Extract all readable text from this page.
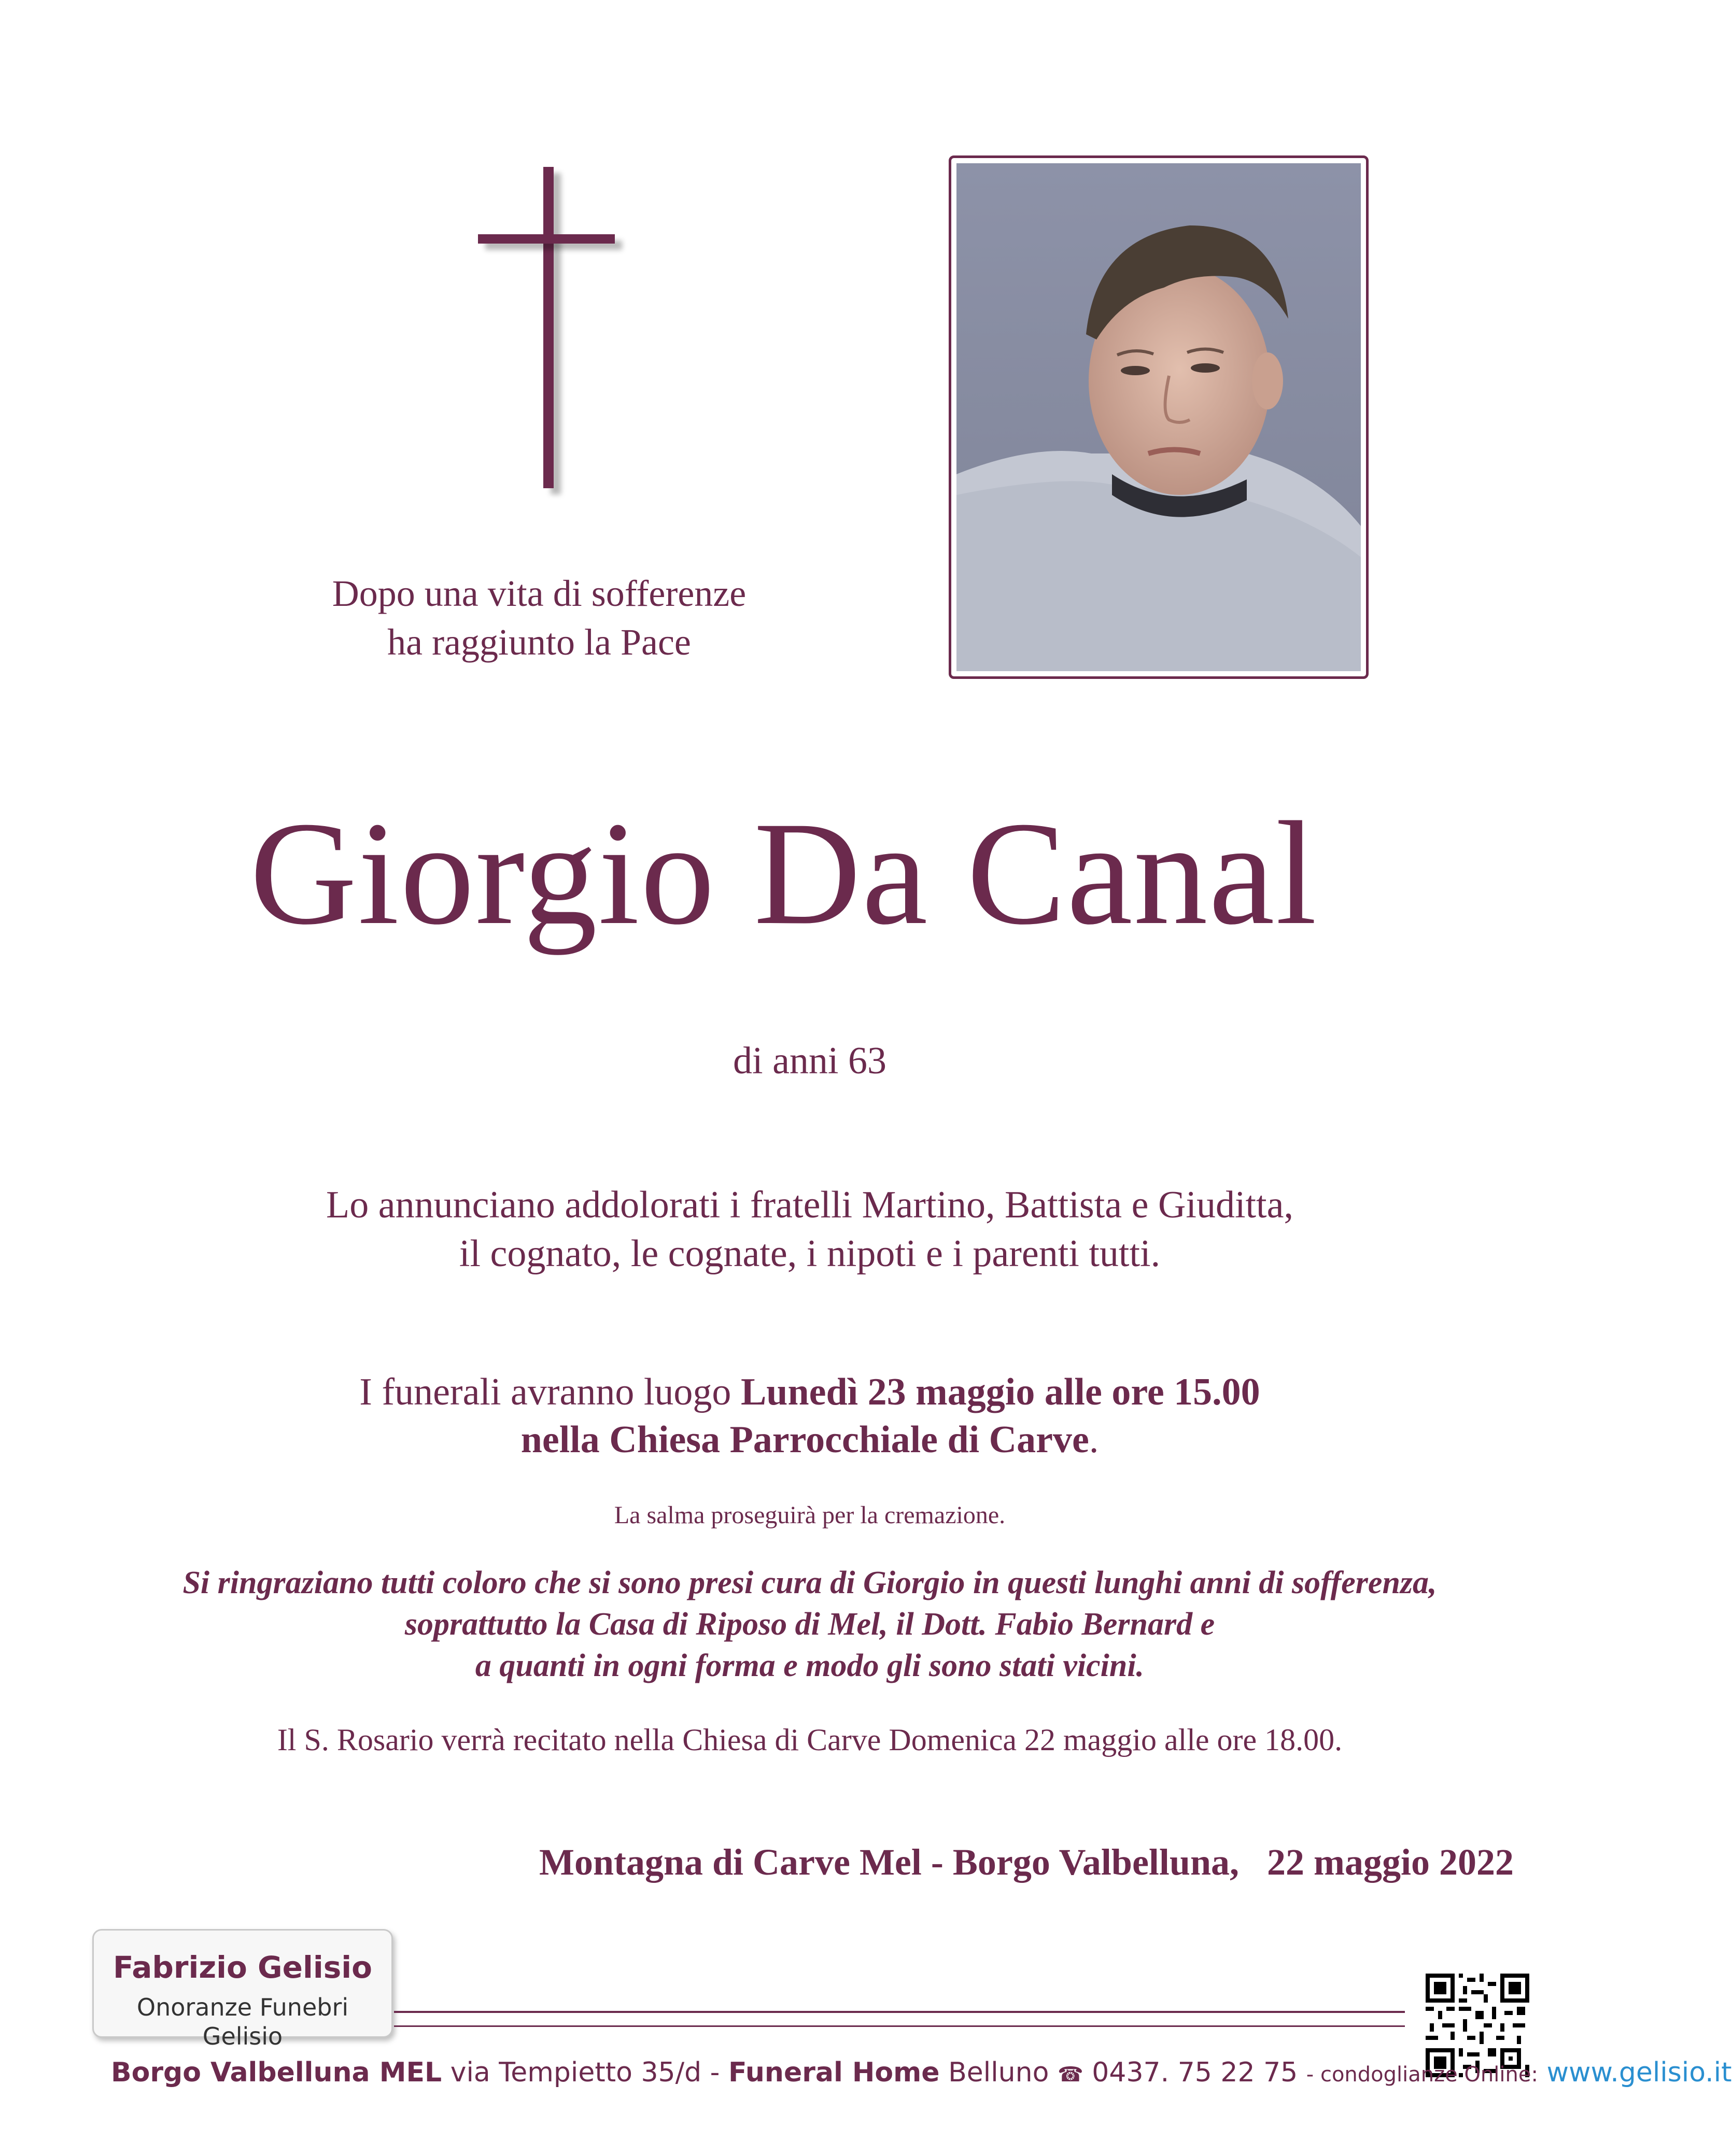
Dopo una vita di sofferenze
ha raggiunto la Pace
Giorgio Da Canal
di anni 63
Lo annunciano addolorati i fratelli Martino, Battista e Giuditta,
il cognato, le cognate, i nipoti e i parenti tutti.
I funerali avranno luogo Lunedì 23 maggio alle ore 15.00
nella Chiesa Parrocchiale di Carve.
La salma proseguirà per la cremazione.
Si ringraziano tutti coloro che si sono presi cura di Giorgio in questi lunghi anni di sofferenza,
soprattutto la Casa di Riposo di Mel, il Dott. Fabio Bernard e
a quanti in ogni forma e modo gli sono stati vicini.
Il S. Rosario verrà recitato nella Chiesa di Carve Domenica 22 maggio alle ore 18.00.
Montagna di Carve Mel - Borgo Valbelluna,   22 maggio 2022
Fabrizio Gelisio
Onoranze Funebri Gelisio
Borgo Valbelluna MEL via Tempietto 35/d - Funeral Home Belluno ☎ 0437. 75 22 75 - condoglianze Online: www.gelisio.it
